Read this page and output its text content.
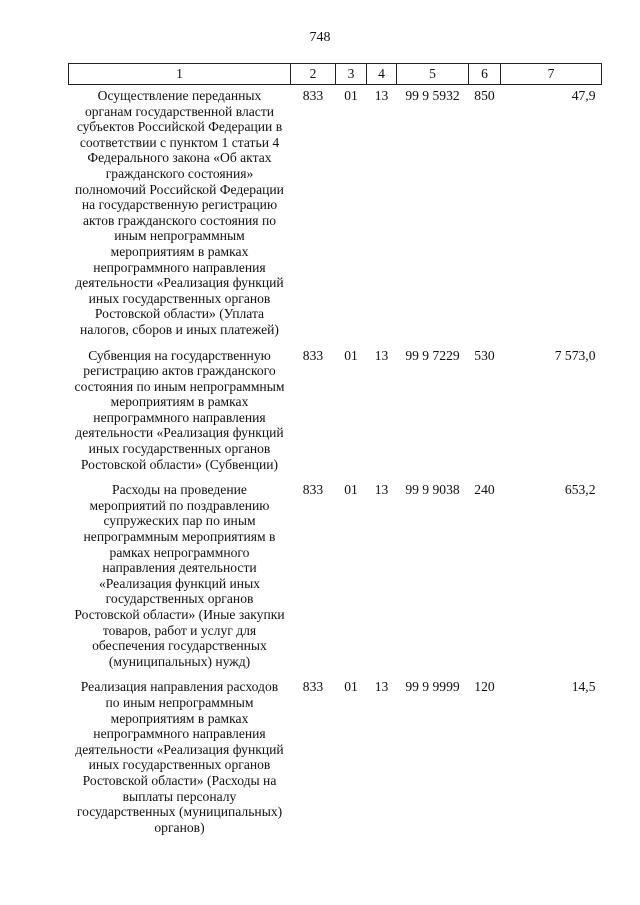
748
1	2	3	4	5	6	7
Осуществление переданных органам государственной власти субъектов Российской Федерации в соответствии с пунктом 1 статьи 4 Федерального закона «Об актах гражданского состояния» полномочий Российской Федерации на государственную регистрацию актов гражданского состояния по иным непрограммным мероприятиям в рамках непрограммного направления деятельности «Реализация функций иных государственных органов Ростовской области» (Уплата налогов, сборов и иных платежей)	833	01	13	99 9 5932	850	47,9
Субвенция на государственную регистрацию актов гражданского состояния по иным непрограммным мероприятиям в рамках непрограммного направления деятельности «Реализация функций иных государственных органов Ростовской области» (Субвенции)	833	01	13	99 9 7229	530	7 573,0
Расходы на проведение мероприятий по поздравлению супружеских пар по иным непрограммным мероприятиям в рамках непрограммного направления деятельности «Реализация функций иных государственных органов Ростовской области» (Иные закупки товаров, работ и услуг для обеспечения государственных (муниципальных) нужд)	833	01	13	99 9 9038	240	653,2
Реализация направления расходов по иным непрограммным мероприятиям в рамках непрограммного направления деятельности «Реализация функций иных государственных органов Ростовской области» (Расходы на выплаты персоналу государственных (муниципальных) органов)	833	01	13	99 9 9999	120	14,5
